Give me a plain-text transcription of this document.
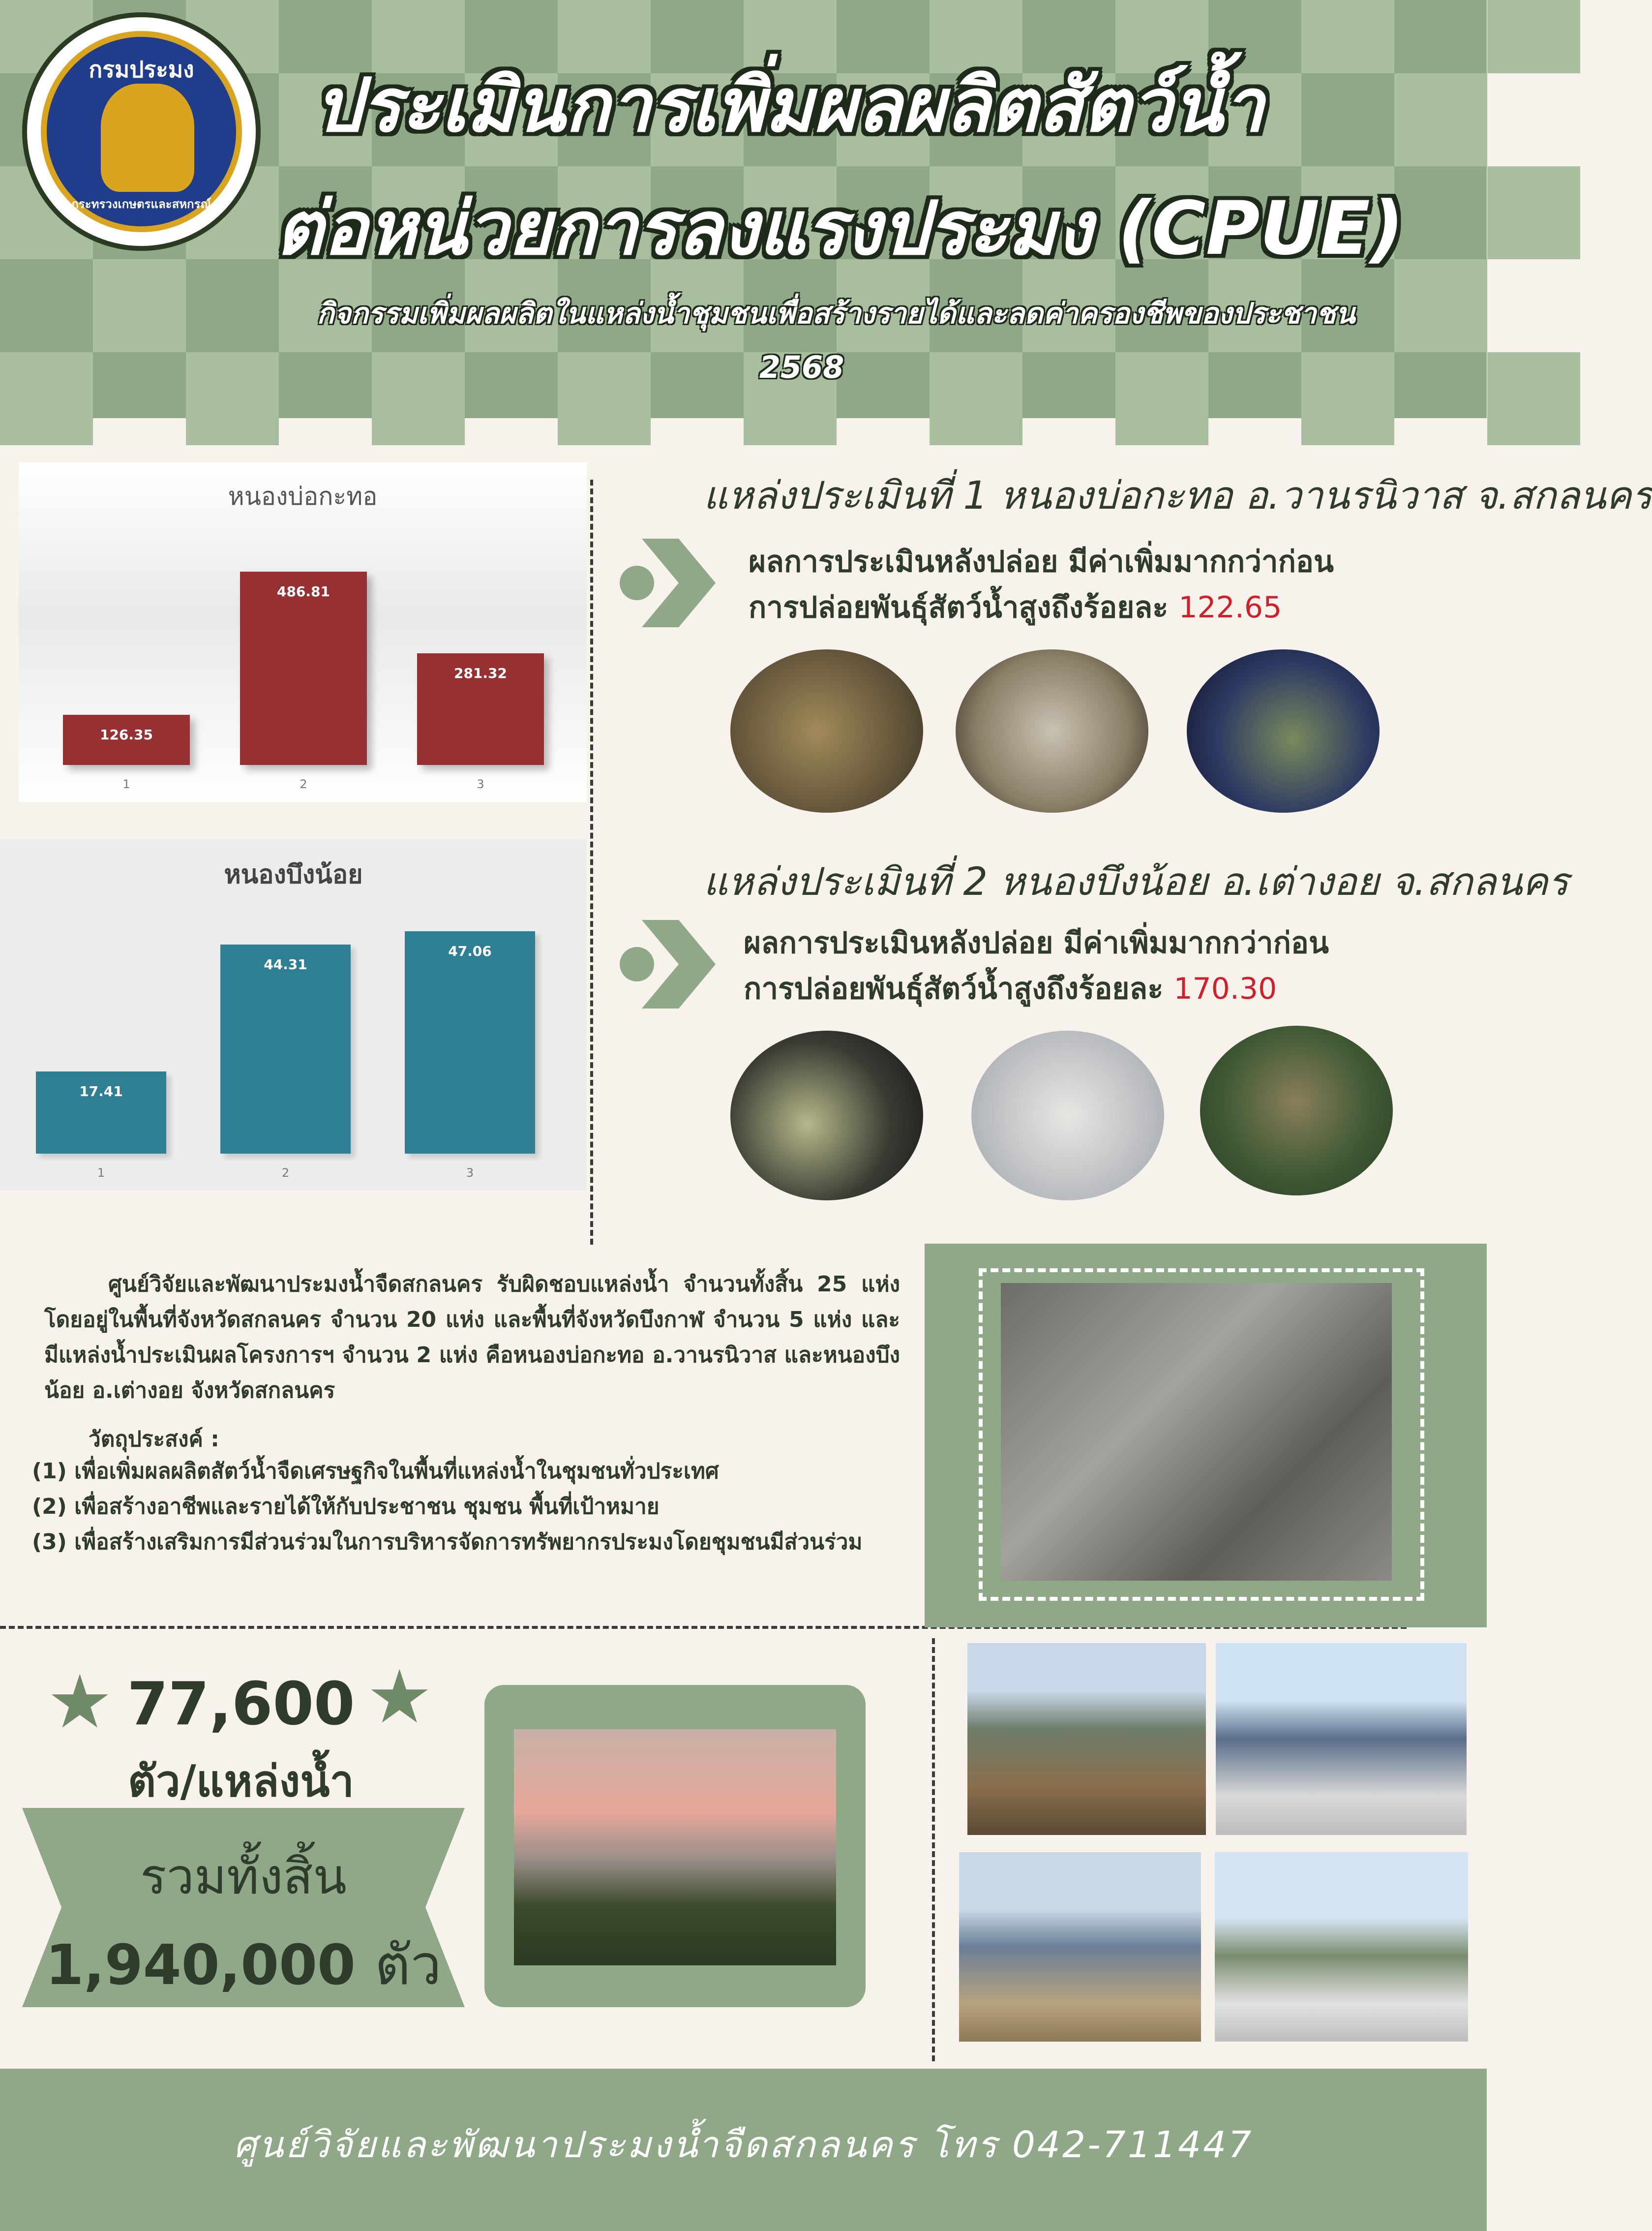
กรมประมง
กระทรวงเกษตรและสหกรณ์
ประเมินการเพิ่มผลผลิตสัตว์น้ำ
ต่อหน่วยการลงแรงประมง (CPUE)
กิจกรรมเพิ่มผลผลิตในแหล่งน้ำชุมชนเพื่อสร้างรายได้และลดค่าครองชีพของประชาชน
2568
หนองบ่อกะทอ
126.35
1
486.81
2
281.32
3
หนองบึงน้อย
17.41
1
44.31
2
47.06
3
แหล่งประเมินที่ 1 หนองบ่อกะทอ อ.วานรนิวาส จ.สกลนคร
ผลการประเมินหลังปล่อย มีค่าเพิ่มมากกว่าก่อน
การปล่อยพันธุ์สัตว์น้ำสูงถึงร้อยละ 122.65
แหล่งประเมินที่ 2 หนองบึงน้อย อ.เต่างอย จ.สกลนคร
ผลการประเมินหลังปล่อย มีค่าเพิ่มมากกว่าก่อน
การปล่อยพันธุ์สัตว์น้ำสูงถึงร้อยละ 170.30
ศูนย์วิจัยและพัฒนาประมงน้ำจืดสกลนคร รับผิดชอบแหล่งน้ำ จำนวนทั้งสิ้น 25 แห่ง โดยอยู่ในพื้นที่จังหวัดสกลนคร จำนวน 20 แห่ง และพื้นที่จังหวัดบึงกาฬ จำนวน 5 แห่ง และมีแหล่งน้ำประเมินผลโครงการฯ จำนวน 2 แห่ง คือหนองบ่อกะทอ อ.วานรนิวาส และหนองบึงน้อย อ.เต่างอย จังหวัดสกลนคร
วัตถุประสงค์ :
(1) เพื่อเพิ่มผลผลิตสัตว์น้ำจืดเศรษฐกิจในพื้นที่แหล่งน้ำในชุมชนทั่วประเทศ
(2) เพื่อสร้างอาชีพและรายได้ให้กับประชาชน ชุมชน พื้นที่เป้าหมาย
(3) เพื่อสร้างเสริมการมีส่วนร่วมในการบริหารจัดการทรัพยากรประมงโดยชุมชนมีส่วนร่วม
★	★
77,600
ตัว/แหล่งน้ำ
รวมทั้งสิ้น
1,940,000 ตัว
ศูนย์วิจัยและพัฒนาประมงน้ำจืดสกลนคร โทร 042-711447
